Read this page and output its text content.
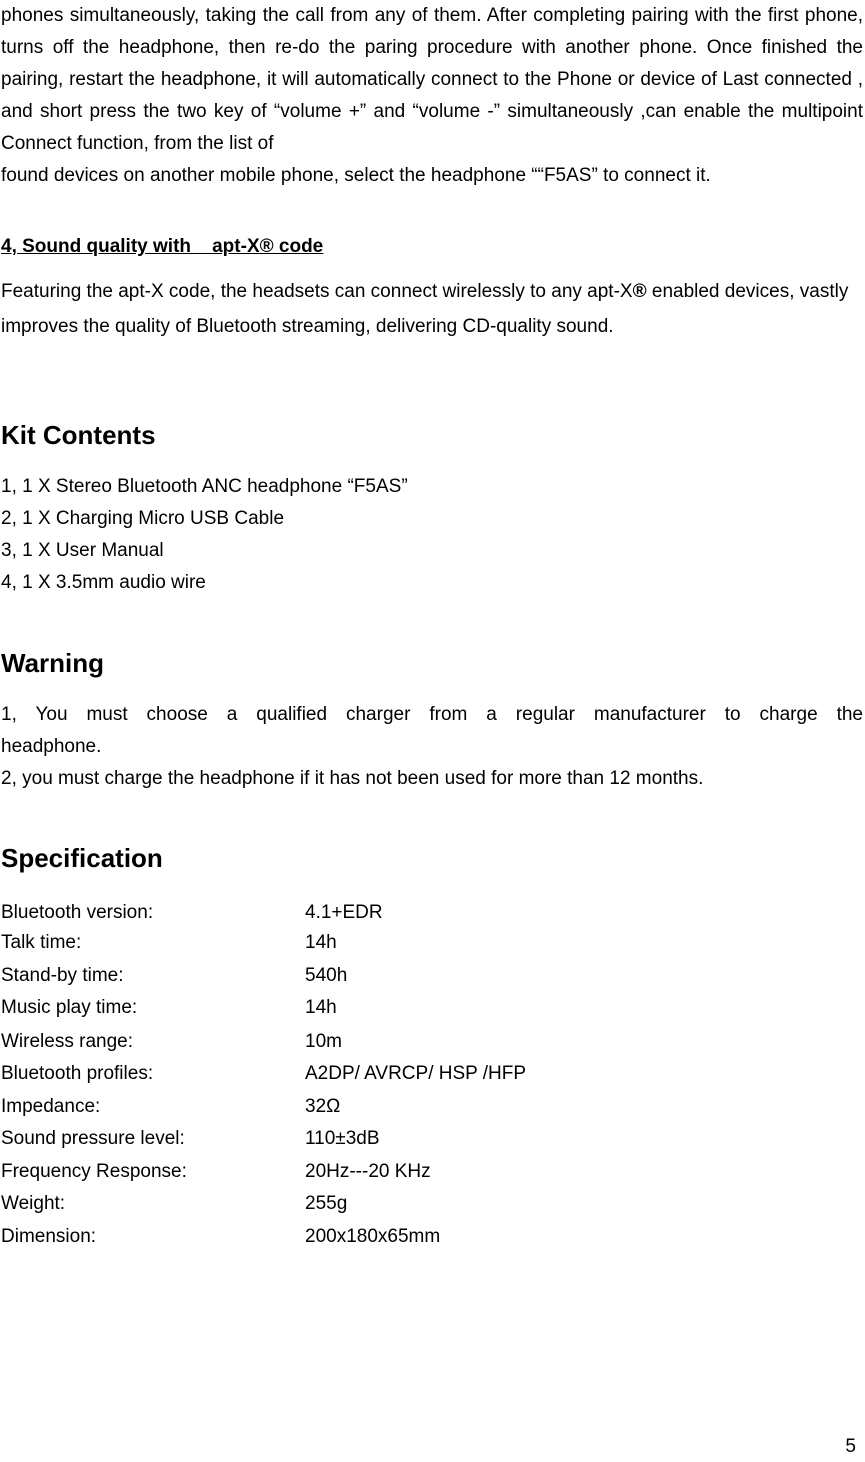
phones simultaneously, taking the call from any of them. After completing pairing with the first phone, turns off the headphone, then re-do the paring procedure with another phone. Once finished the pairing, restart the headphone, it will automatically connect to the Phone or device of Last connected , and short press the two key of “volume +” and “volume -” simultaneously ,can enable the multipoint Connect function, from the list of
found devices on another mobile phone, select the headphone ““F5AS” to connect it.
4, Sound quality with    apt-X® code
Featuring the apt-X code, the headsets can connect wirelessly to any apt-X® enabled devices, vastly improves the quality of Bluetooth streaming, delivering CD-quality sound.
Kit Contents
1, 1 X Stereo Bluetooth ANC headphone “F5AS”
2, 1 X Charging Micro USB Cable
3, 1 X User Manual
4, 1 X 3.5mm audio wire
Warning
1, You must choose a qualified charger from a regular manufacturer to charge the
headphone.
2, you must charge the headphone if it has not been used for more than 12 months.
Specification
Bluetooth version:	4.1+EDR
Talk time:	14h
Stand-by time:	540h
Music play time:	14h
Wireless range:	10m
Bluetooth profiles:	A2DP/ AVRCP/ HSP /HFP
Impedance:	32Ω
Sound pressure level:	110±3dB
Frequency Response:	20Hz---20 KHz
Weight:	255g
Dimension:	200x180x65mm
5
